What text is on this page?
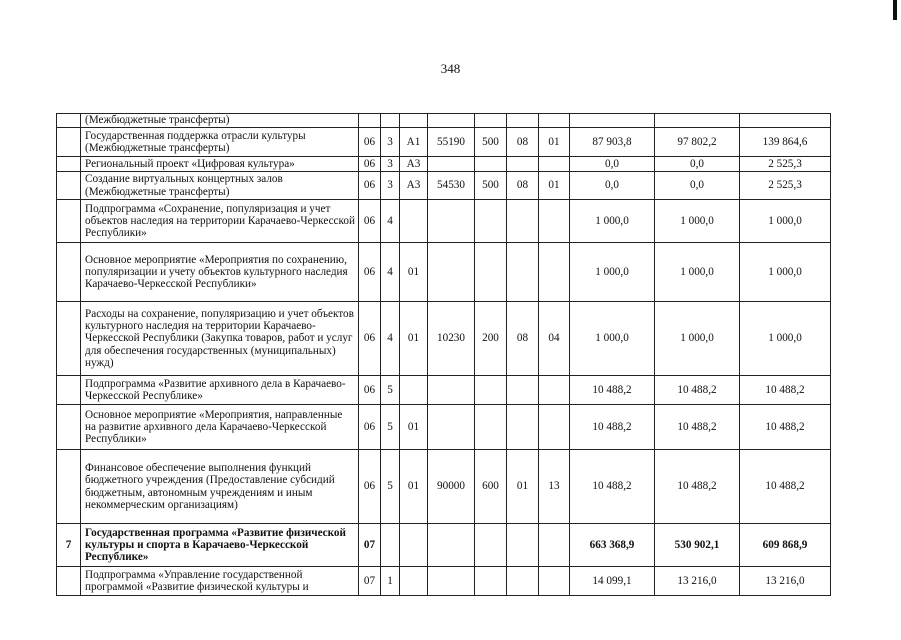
348
	(Межбюджетные трансферты)										
	Государственная поддержка отрасли культуры (Межбюджетные трансферты)	06	3	А1	55190	500	08	01	87 903,8	97 802,2	139 864,6
	Региональный проект «Цифровая культура»	06	3	А3					0,0	0,0	2 525,3
	Создание виртуальных концертных залов (Межбюджетные трансферты)	06	3	А3	54530	500	08	01	0,0	0,0	2 525,3
	Подпрограмма «Сохранение, популяризация и учет объектов наследия на территории Карачаево-Черкесской Республики»	06	4						1 000,0	1 000,0	1 000,0
	Основное мероприятие «Мероприятия по сохранению, популяризации и учету объектов культурного наследия Карачаево-Черкесской Республики»	06	4	01					1 000,0	1 000,0	1 000,0
	Расходы на сохранение, популяризацию и учет объектов культурного наследия на территории Карачаево-Черкесской Республики (Закупка товаров, работ и услуг для обеспечения государственных (муниципальных) нужд)	06	4	01	10230	200	08	04	1 000,0	1 000,0	1 000,0
	Подпрограмма «Развитие архивного дела в Карачаево-Черкесской Республике»	06	5						10 488,2	10 488,2	10 488,2
	Основное мероприятие «Мероприятия, направленные на развитие архивного дела Карачаево-Черкесской Республики»	06	5	01					10 488,2	10 488,2	10 488,2
	Финансовое обеспечение выполнения функций бюджетного учреждения (Предоставление субсидий бюджетным, автономным учреждениям и иным некоммерческим организациям)	06	5	01	90000	600	01	13	10 488,2	10 488,2	10 488,2
7	Государственная программа «Развитие физической культуры и спорта в Карачаево-Черкесской Республике»	07							663 368,9	530 902,1	609 868,9
	Подпрограмма «Управление государственной программой «Развитие физической культуры и	07	1						14 099,1	13 216,0	13 216,0
